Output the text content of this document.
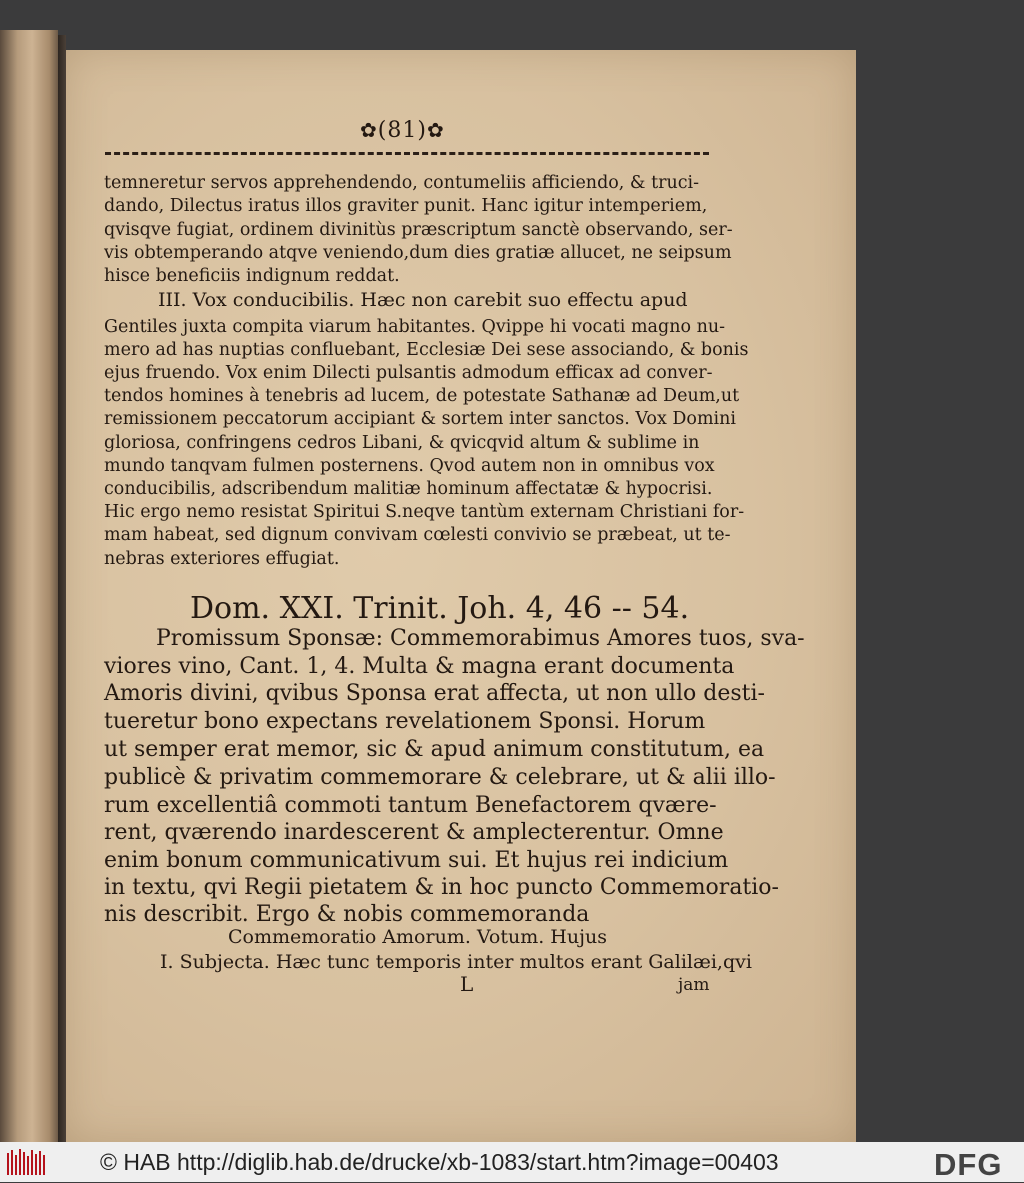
✿(81)✿
temneretur servos apprehendendo, contumeliis afficiendo, & truci-
dando, Dilectus iratus illos graviter punit. Hanc igitur intemperiem,
qvisqve fugiat, ordinem divinitùs præscriptum sanctè observando, ser-
vis obtemperando atqve veniendo,dum dies gratiæ allucet, ne seipsum
hisce beneficiis indignum reddat.
III. Vox conducibilis. Hæc non carebit suo effectu apud
Gentiles juxta compita viarum habitantes. Qvippe hi vocati magno nu-
mero ad has nuptias confluebant, Ecclesiæ Dei sese associando, & bonis
ejus fruendo. Vox enim Dilecti pulsantis admodum efficax ad conver-
tendos homines à tenebris ad lucem, de potestate Sathanæ ad Deum,ut
remissionem peccatorum accipiant & sortem inter sanctos. Vox Domini
gloriosa, confringens cedros Libani, & qvicqvid altum & sublime in
mundo tanqvam fulmen posternens. Qvod autem non in omnibus vox
conducibilis, adscribendum malitiæ hominum affectatæ & hypocrisi.
Hic ergo nemo resistat Spiritui S.neqve tantùm externam Christiani for-
mam habeat, sed dignum convivam cœlesti convivio se præbeat, ut te-
nebras exteriores effugiat.
Dom. XXI. Trinit. Joh. 4, 46 -- 54.
Promissum Sponsæ: Commemorabimus Amores tuos, sva-
viores vino, Cant. 1, 4. Multa & magna erant documenta
Amoris divini, qvibus Sponsa erat affecta, ut non ullo desti-
tueretur bono expectans revelationem Sponsi. Horum
ut semper erat memor, sic & apud animum constitutum, ea
publicè & privatim commemorare & celebrare, ut & alii illo-
rum excellentiâ commoti tantum Benefactorem qvære-
rent, qværendo inardescerent & amplecterentur. Omne
enim bonum communicativum sui. Et hujus rei indicium
in textu, qvi Regii pietatem & in hoc puncto Commemoratio-
nis describit. Ergo & nobis commemoranda
Commemoratio Amorum. Votum. Hujus
I. Subjecta. Hæc tunc temporis inter multos erant Galilæi,qvi
L	jam
© HAB http://diglib.hab.de/drucke/xb-1083/start.htm?image=00403	DFG
